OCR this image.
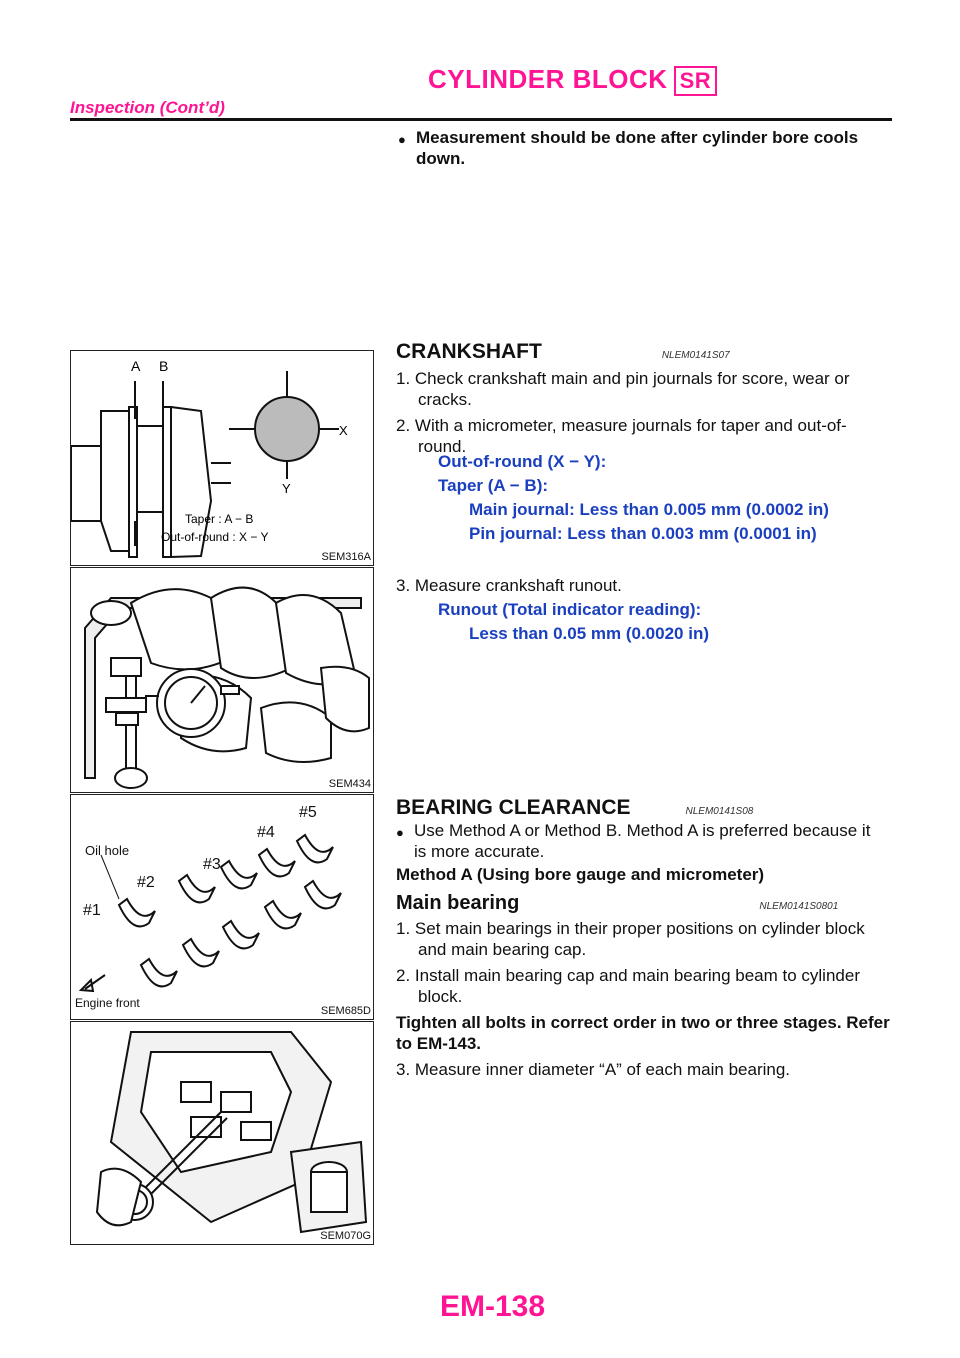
CYLINDER BLOCK SR
Inspection (Cont’d)
● Measurement should be done after cylinder bore cools
down.
A B
X
Y
Taper : A − B
Out-of-round : X − Y
SEM316A
SEM434
Oil hole
#1
#2
#3
#4
#5
Engine front
SEM685D
SEM070G
CRANKSHAFT	NLEM0141S07
1. Check crankshaft main and pin journals for score, wear or
cracks.
2. With a micrometer, measure journals for taper and out-of-
round.
Out-of-round (X − Y):
Taper (A − B):
Main journal: Less than 0.005 mm (0.0002 in)
Pin journal: Less than 0.003 mm (0.0001 in)
3. Measure crankshaft runout.
Runout (Total indicator reading):
Less than 0.05 mm (0.0020 in)
BEARING CLEARANCE	NLEM0141S08
● Use Method A or Method B. Method A is preferred because it
is more accurate.
Method A (Using bore gauge and micrometer)
Main bearing	NLEM0141S0801
1. Set main bearings in their proper positions on cylinder block
and main bearing cap.
2. Install main bearing cap and main bearing beam to cylinder
block.
Tighten all bolts in correct order in two or three stages. Refer
to EM-143.
3. Measure inner diameter “A” of each main bearing.
EM-138
